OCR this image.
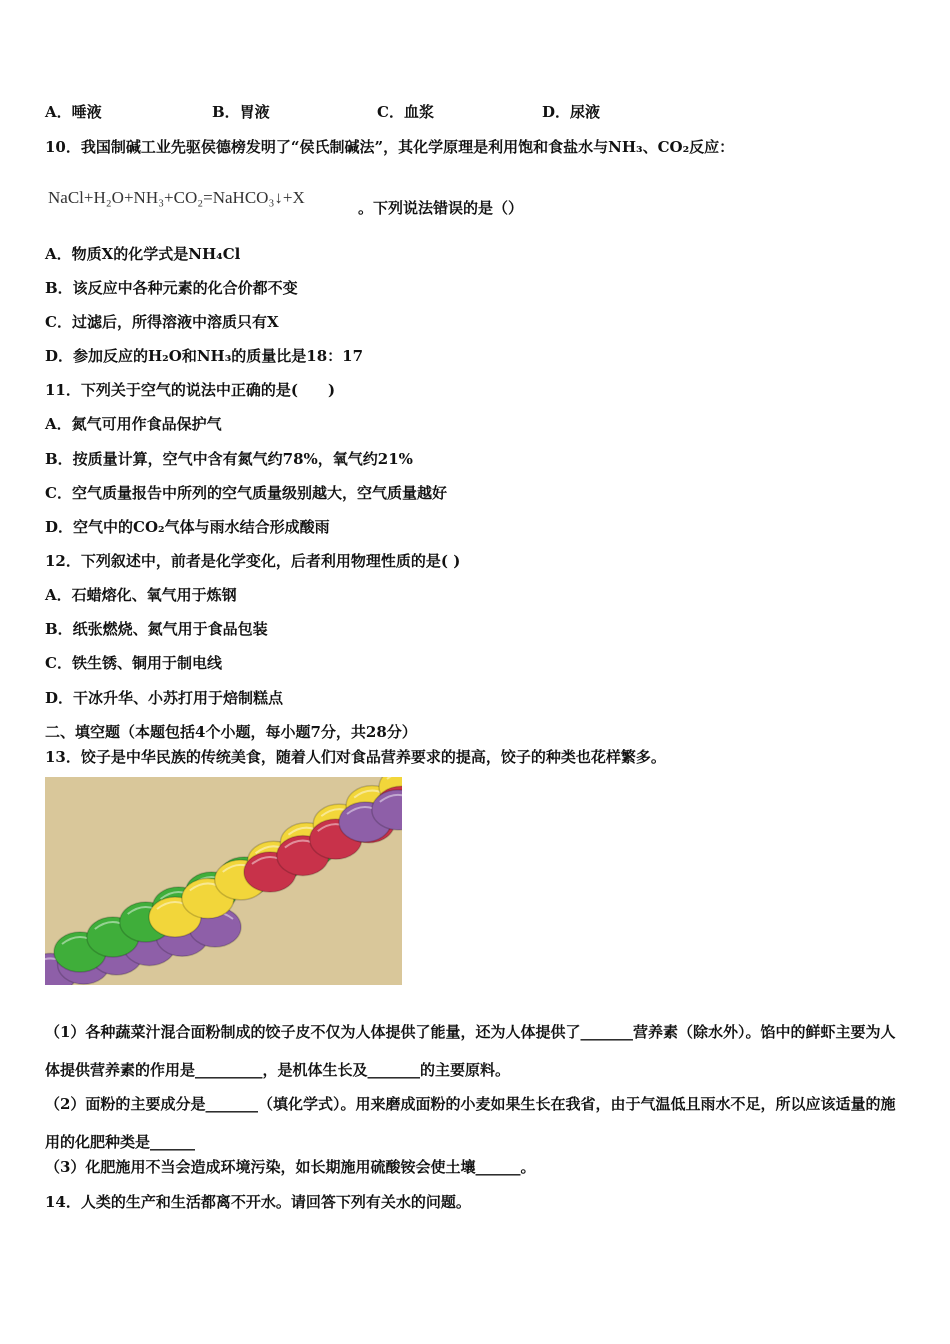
A．唾液	B．胃液	C．血浆	D．尿液
10．我国制碱工业先驱侯德榜发明了“侯氏制碱法”，其化学原理是利用饱和食盐水与NH₃、CO₂反应：
NaCl+H₂O+NH₃+CO₂=NaHCO₃↓+X
。下列说法错误的是（）
A．物质X的化学式是NH₄Cl
B．该反应中各种元素的化合价都不变
C．过滤后，所得溶液中溶质只有X
D．参加反应的H₂O和NH₃的质量比是18：17
11．下列关于空气的说法中正确的是(　　)
A．氮气可用作食品保护气
B．按质量计算，空气中含有氮气约78%，氧气约21%
C．空气质量报告中所列的空气质量级别越大，空气质量越好
D．空气中的CO₂气体与雨水结合形成酸雨
12．下列叙述中，前者是化学变化，后者利用物理性质的是( )
A．石蜡熔化、氧气用于炼钢
B．纸张燃烧、氮气用于食品包装
C．铁生锈、铜用于制电线
D．干冰升华、小苏打用于焙制糕点
二、填空题（本题包括4个小题，每小题7分，共28分）
13．饺子是中华民族的传统美食，随着人们对食品营养要求的提高，饺子的种类也花样繁多。
（1）各种蔬菜汁混合面粉制成的饺子皮不仅为人体提供了能量，还为人体提供了_______营养素（除水外）。馅中的鲜虾主要为人体提供营养素的作用是_________，是机体生长及_______的主要原料。
（2）面粉的主要成分是_______（填化学式）。用来磨成面粉的小麦如果生长在我省，由于气温低且雨水不足，所以应该适量的施用的化肥种类是______
（3）化肥施用不当会造成环境污染，如长期施用硫酸铵会使土壤______。
14．人类的生产和生活都离不开水。请回答下列有关水的问题。
